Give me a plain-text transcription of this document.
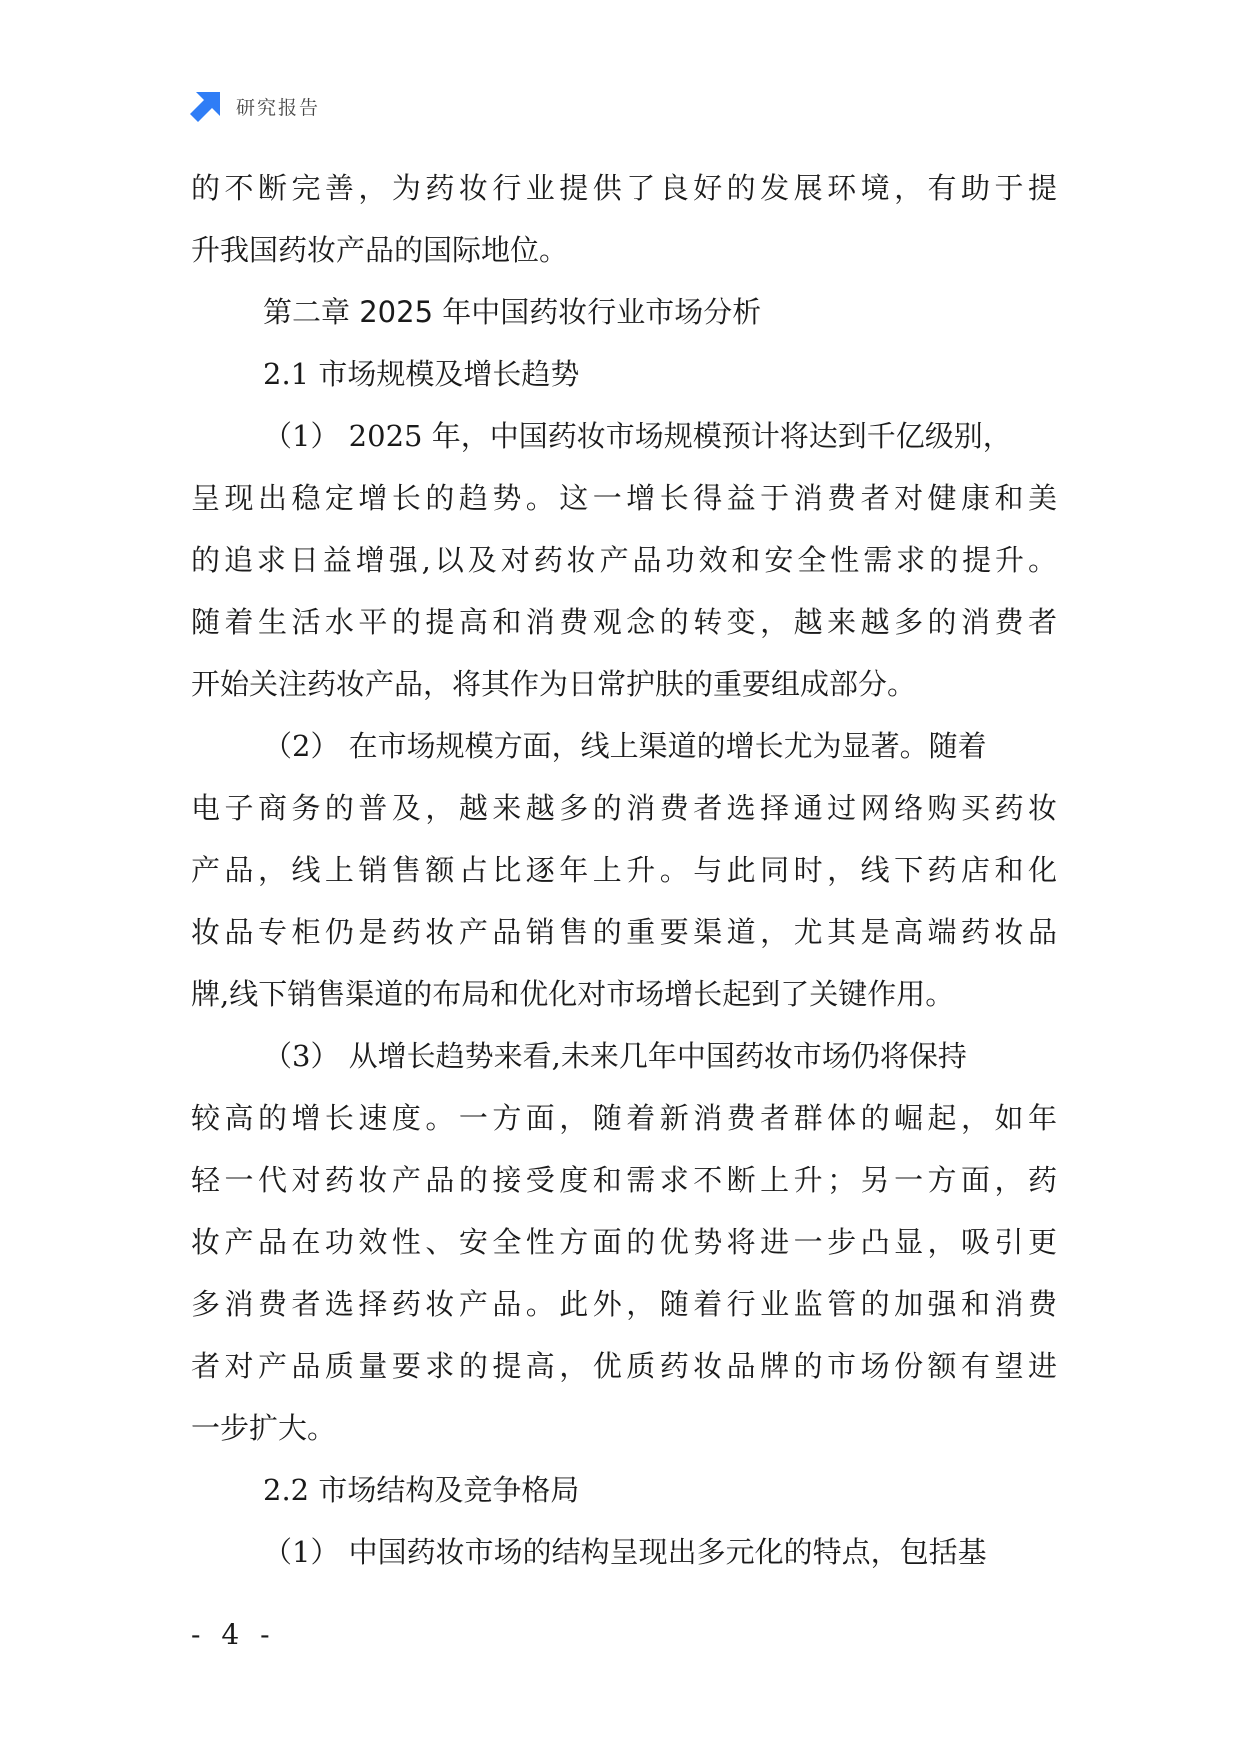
研究报告
的不断完善，为药妆行业提供了良好的发展环境，有助于提
升我国药妆产品的国际地位。
第二章 2025 年中国药妆行业市场分析
2.1 市场规模及增长趋势
（1） 2025 年，中国药妆市场规模预计将达到千亿级别，
呈现出稳定增长的趋势。这一增长得益于消费者对健康和美
的追求日益增强,以及对药妆产品功效和安全性需求的提升。
随着生活水平的提高和消费观念的转变，越来越多的消费者
开始关注药妆产品，将其作为日常护肤的重要组成部分。
（2） 在市场规模方面，线上渠道的增长尤为显著。随着
电子商务的普及，越来越多的消费者选择通过网络购买药妆
产品，线上销售额占比逐年上升。与此同时，线下药店和化
妆品专柜仍是药妆产品销售的重要渠道，尤其是高端药妆品
牌,线下销售渠道的布局和优化对市场增长起到了关键作用。
（3） 从增长趋势来看,未来几年中国药妆市场仍将保持
较高的增长速度。一方面，随着新消费者群体的崛起，如年
轻一代对药妆产品的接受度和需求不断上升；另一方面，药
妆产品在功效性、安全性方面的优势将进一步凸显，吸引更
多消费者选择药妆产品。此外，随着行业监管的加强和消费
者对产品质量要求的提高，优质药妆品牌的市场份额有望进
一步扩大。
2.2 市场结构及竞争格局
（1） 中国药妆市场的结构呈现出多元化的特点，包括基
- 4 -
